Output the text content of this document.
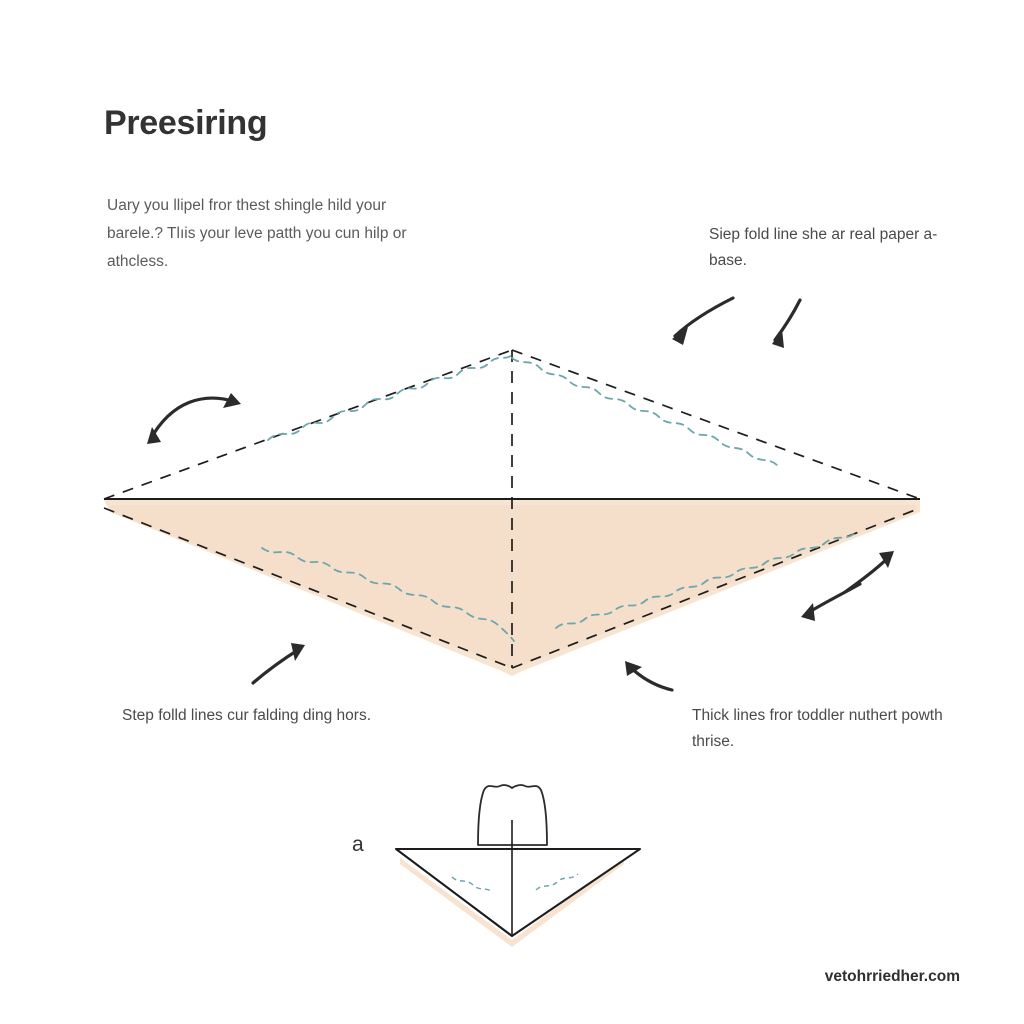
Preesiring
Uary you llipel fror thest shingle hild your barele.? Tlıis your leve patth you cun hilp or athcless.
Siep fold line she ar real paper a-base.
Step folld lines cur falding ding hors.	Thick lines fror toddler nuthert powth thrise.
a
vetohrriedher.com
